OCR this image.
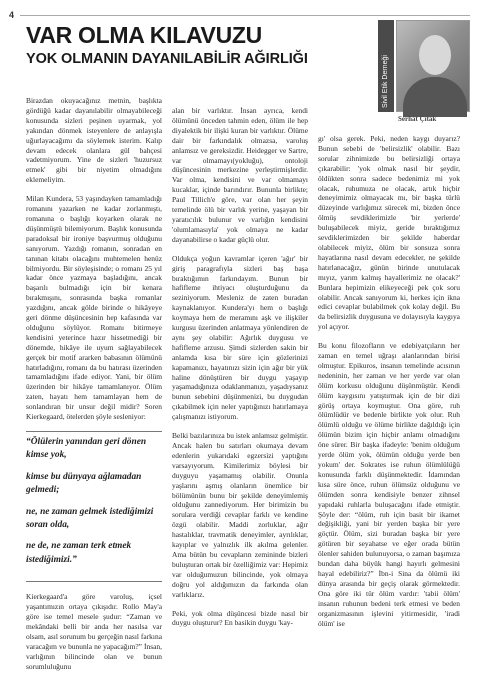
4
VAR OLMA KILAVUZU
YOK OLMANIN DAYANILABİLİR AĞIRLIĞI	Sivil Etik Derneği
Serhat Çıtak

Birazdan okuyacağınız metnin, başlıkta gördüğü kadar dayanılabilir olmayabileceği konusunda sizleri peşinen uyarmak, yol yakından dönmek isteyenlere de anlayışla uğurlayacağımı da söylemek isterim. Kalıp devam edecek olanlara gül bahçesi vadetmiyorum. Yine de sizleri 'huzursuz etmek' gibi bir niyetim olmadığını eklemeliyim.

Milan Kundera, 53 yaşındayken tamamladığı romanını yazarken ne kadar zorlanmıştı, romanına o başlığı koyarken olarak ne düşünmüştü bilemiyorum. Başlık konusunda paradoksal bir ironiye başvurmuş olduğunu sanıyorum. Yazdığı romanın, sonradan en tanınan kitabı olacağını muhtemelen henüz bilmiyordu. Bir söyleşisinde; o romanı 25 yıl kadar önce yazmaya başladığını, ancak başarılı bulmadığı için bir kenara bırakmışını, sonrasında başka romanlar yazdığını, ancak gölde birinde o hikâyeye geri dönme düşüncesinin hep kafasında var olduğunu söylüyor. Romanı bitirmeye kendisini yeterince hazır hissetmediği bir dönemde, hikâye ile uyum sağlayabilecek gerçek bir motif ararken babasının ölümünü hatırladığını, romanı da bu hatırası üzerinden tamamladığını ifade ediyor. Yani, bir ölüm üzerinden bir hikâye tamamlanıyor. Ölüm zaten, hayatı hem tamamlayan hem de sonlandıran bir unsur değil midir? Soren Kierkegaard, ötelerden şöyle sesleniyor:

“Ölülerin yanından geri dönen kimse yok,
kimse bu dünyaya ağlamadan gelmedi;
ne, ne zaman gelmek istediğimizi soran olda,
ne de, ne zaman terk etmek istediğimizi.”

Kierkegaard'a göre varoluş, içsel yaşantımızın ortaya çıkışıdır. Rollo May'a göre ise temel mesele şudur: “Zaman ve mekândaki belli bir anda her nasılsa var olsam, asıl sorunum bu gerçeğin nasıl farkına varacağım ve bununla ne yapacağım?” İnsan, varlığının bilincinde olan ve bunun sorumluluğunu

alan bir varlıktır. İnsan ayrıca, kendi ölümünü önceden tahmin eden, ölüm ile hep diyalektik bir ilişki kuran bir varlıktır. Ölüme dair bir farkındalık olmazsa, varoluş anlamsız ve gereksizdir. Heidegger ve Sartre, var olmamayı(yokluğu), ontoloji düşüncesinin merkezine yerleştirmişlerdir. Var olma, kendisini ve var olmamayı kucaklar, içinde barındırır. Bununla birlikte; Paul Tillich'e göre, var olan her şeyin temelinde ölü bir varlık yerine, yaşayan bir yaratıcılık bulunur ve varlığın kendisini 'olumlamasıyla' yok olmaya ne kadar dayanabilirse o kadar güçlü olur.

Oldukça yoğun kavramlar içeren 'ağır' bir giriş paragrafıyla sizleri baş başa bıraktığımın farkındayım. Bunun bir hafifleme ihtiyacı oluşturduğunu da seziniyorum. Mesleniz de zaten buradan kaynaklanıyor. Kundera'yı hem o başlığı koymaya hem de meramını aşk ve ilişkiler kurgusu üzerinden anlatmaya yönlendiren de aynı şey olabilir: Ağırlık duygusu ve hafifleme arzusu. Şimdi sizlerden sakin bir anlamda kısa bir süre için gözlerinizi kapamanızı, hayatınızı sizin için ağır bir yük haline dönüştüren bir duygu yaşayıp yaşamadığınıza odaklanmanızı, yaşadıysanız bunun sebebini düşünmenizi, bu duygudan çıkabilmek için neler yaptığınızı hatırlamaya çalışmanızı istiyorum.

Belki bazılarınıza bu istek anlamsız gelmiştir. Ancak halen bu satırları okumaya devam edenlerin yukarıdaki egzersizi yaptığını varsayıyorum. Kimilerimiz böylesi bir duyguyu yaşamamış olabilir. Onunla yaşlarını aşmış olanların önemlice bir bölümünün bunu bir şekilde deneyimlemiş olduğunu zannediyorum. Her birimizin bu sorulara verdiği cevaplar farklı ve kendine özgü olabilir. Maddi zorluklar, ağır hastalıklar, travmatik deneyimler, ayrılıklar, kayıplar ve yalnızlık ilk akılma gelenler. Ama bütün bu cevapların zemininde bizleri buluşturan ortak bir özelliğimiz var: Hepimiz var olduğumuzun bilincinde, yok olmaya doğru yol aldığımızın da farkında olan varlıklarız.

Peki, yok olma düşüncesi bizde nasıl bir duygu oluşturur? En basikin duygu 'kay-

gı' olsa gerek. Peki, neden kaygı duyarız? Bunun sebebi de 'belirsizlik' olabilir. Bazı sorular zihnimizde bu belirsizliği ortaya çıkarabilir: 'yok olmak nasıl bir şeydir, öldükten sonra sadece bedenimiz mi yok olacak, ruhumuza ne olacak, artık hiçbir deneyimimiz olmayacak mı, bir başka türlü düzeyinde varlığımız sürecek mi, bizden önce ölmüş sevdiklerimizle 'bir yerlerde' buluşabilecek miyiz, geride bıraktığımız sevdiklerimizden bir şekilde haberdar olabilecek miyiz, ölüm bir sonsuza sonra hayatlarına nasıl devam edecekler, ne şekilde hatırlanacağız, günün birinde unutulacak mıyız, yarım kalmış hayallerimiz ne olacak?' Bunlara hepimizin elikeyeceği pek çok soru olabilir. Ancak sanıyorum ki, herkes için ikna edici cevaplar bulabilmek çok kolay değil. Bu da belirsizlik duygusuna ve dolayısıyla kaygıya yol açıyor.

Bu konu filozofların ve edebiyatçıların her zaman en temel uğraşı alanlarından birisi olmuştur. Epikuros, insanın temelinde acısının nedeninin, her zaman ve her yerde var olan ölüm korkusu olduğunu düşünmüştür. Kendi ölüm kaygısını yatıştırmak için de bir dizi görüş ortaya koymuştur. Ona göre, ruh ölümlüdür ve bedenle birlikte yok olur. Ruh ölümlü olduğu ve ölüme birlikte dağıldığı için ölümün bizim için hiçbir anlamı olmadığını öne sürer. Bir başka ifadeyle: 'benim olduğum yerde ölüm yok, ölümün olduğu yerde ben yokum' der. Sokrates ise ruhun ölümlülüğü konusunda farklı düşünmektedir. İdamından kısa süre önce, ruhun ölümsüz olduğunu ve ölümden sonra kendisiyle benzer zihnsel yapıdaki ruhlarla buluşacağını ifade etmiştir. Şöyle der: “ölüm, ruh için basit bir ikamet değişikliği, yani bir yerden başka bir yere göçtür. Ölüm, sizi buradan başka bir yere götüren bir seyahatse ve eğer orada bütün ölenler sahiden bulunuyorsa, o zaman başımıza bundan daha büyük hangi hayırlı gelmesini hayal edebiliriz?” İbn-i Sina da ölümü iki dünya arasında bir geçiş olarak görmektedir. Ona göre iki tür ölüm vardır: 'tabii ölüm' insanın ruhunun bedeni terk etmesi ve beden organizmasının işlevini yitirmesidir, 'iradi ölüm' ise
